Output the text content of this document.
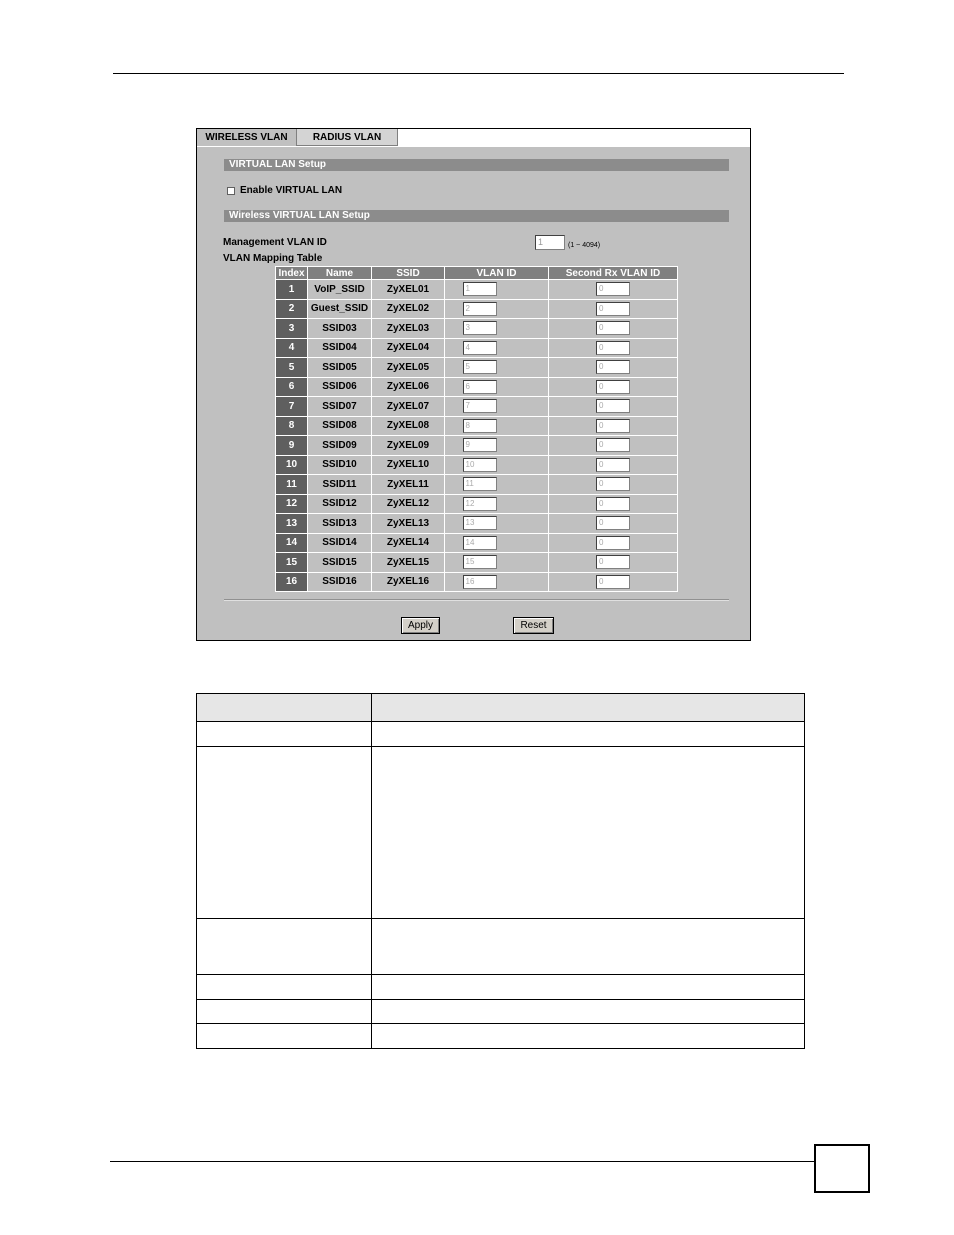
WIRELESS VLAN	RADIUS VLAN
VIRTUAL LAN Setup
Enable VIRTUAL LAN
Wireless VIRTUAL LAN Setup
Management VLAN ID	1	(1 ~ 4094)
VLAN Mapping Table
Index	Name	SSID	VLAN ID	Second Rx VLAN ID
1	VoIP_SSID	ZyXEL01	1	0

2	Guest_SSID	ZyXEL02	2	0

3	SSID03	ZyXEL03	3	0

4	SSID04	ZyXEL04	4	0

5	SSID05	ZyXEL05	5	0

6	SSID06	ZyXEL06	6	0

7	SSID07	ZyXEL07	7	0

8	SSID08	ZyXEL08	8	0

9	SSID09	ZyXEL09	9	0

10	SSID10	ZyXEL10	10	0

11	SSID11	ZyXEL11	11	0

12	SSID12	ZyXEL12	12	0

13	SSID13	ZyXEL13	13	0

14	SSID14	ZyXEL14	14	0

15	SSID15	ZyXEL15	15	0

16	SSID16	ZyXEL16	16	0
Apply	Reset
